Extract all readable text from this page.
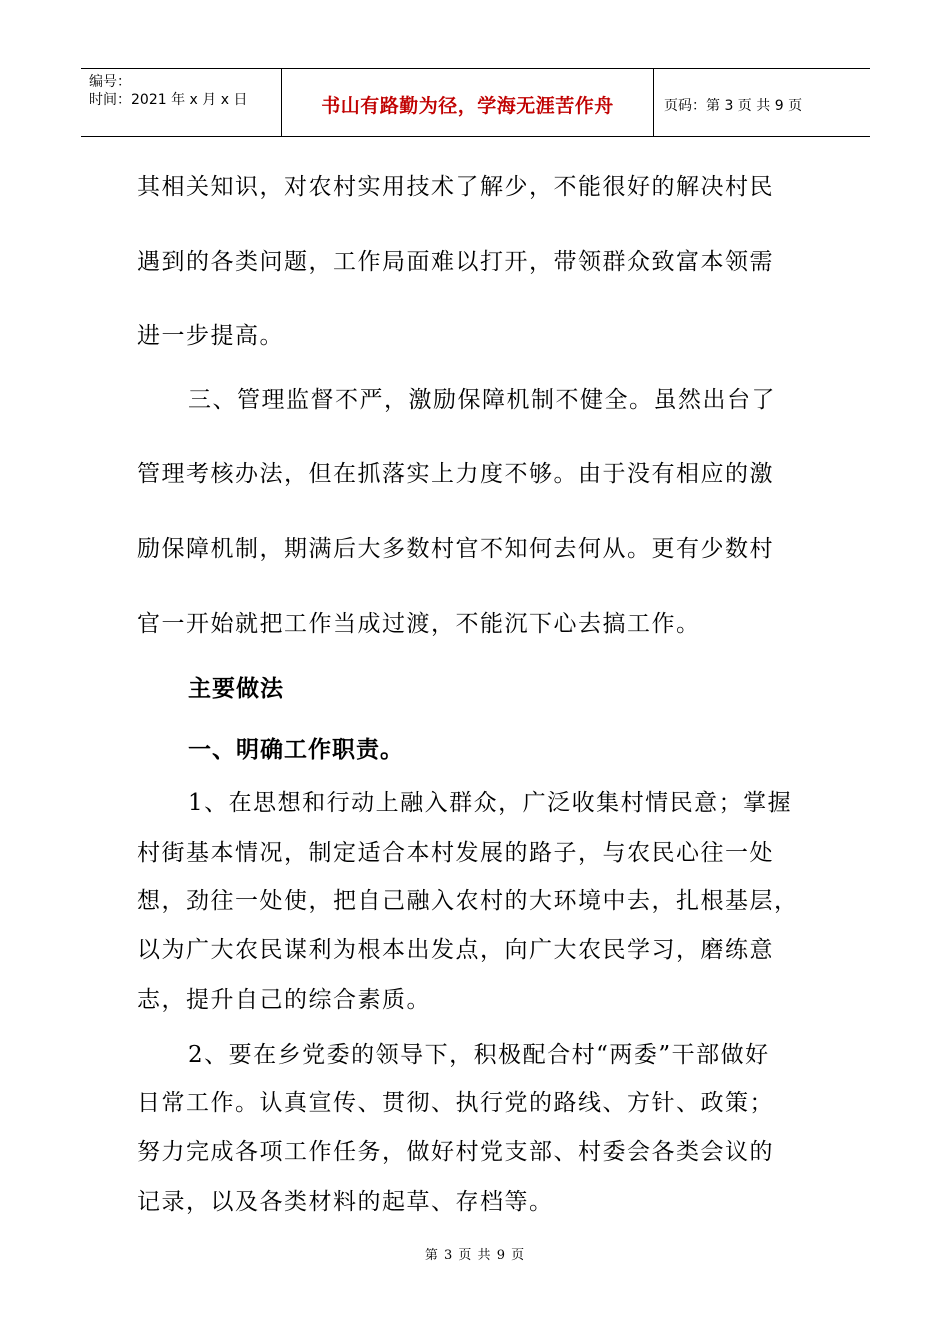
编号：
时间：2021 年 x 月 x 日	书山有路勤为径，学海无涯苦作舟	页码：第 3 页 共 9 页
其相关知识，对农村实用技术了解少，不能很好的解决村民
遇到的各类问题，工作局面难以打开，带领群众致富本领需
进一步提高。
三、管理监督不严，激励保障机制不健全。虽然出台了
管理考核办法，但在抓落实上力度不够。由于没有相应的激
励保障机制，期满后大多数村官不知何去何从。更有少数村
官一开始就把工作当成过渡，不能沉下心去搞工作。
主要做法
一、明确工作职责。
1、在思想和行动上融入群众，广泛收集村情民意；掌握
村街基本情况，制定适合本村发展的路子，与农民心往一处
想，劲往一处使，把自己融入农村的大环境中去，扎根基层，
以为广大农民谋利为根本出发点，向广大农民学习，磨练意
志，提升自己的综合素质。
2、要在乡党委的领导下，积极配合村“两委”干部做好
日常工作。认真宣传、贯彻、执行党的路线、方针、政策；
努力完成各项工作任务，做好村党支部、村委会各类会议的
记录，以及各类材料的起草、存档等。
第 3 页 共 9 页
